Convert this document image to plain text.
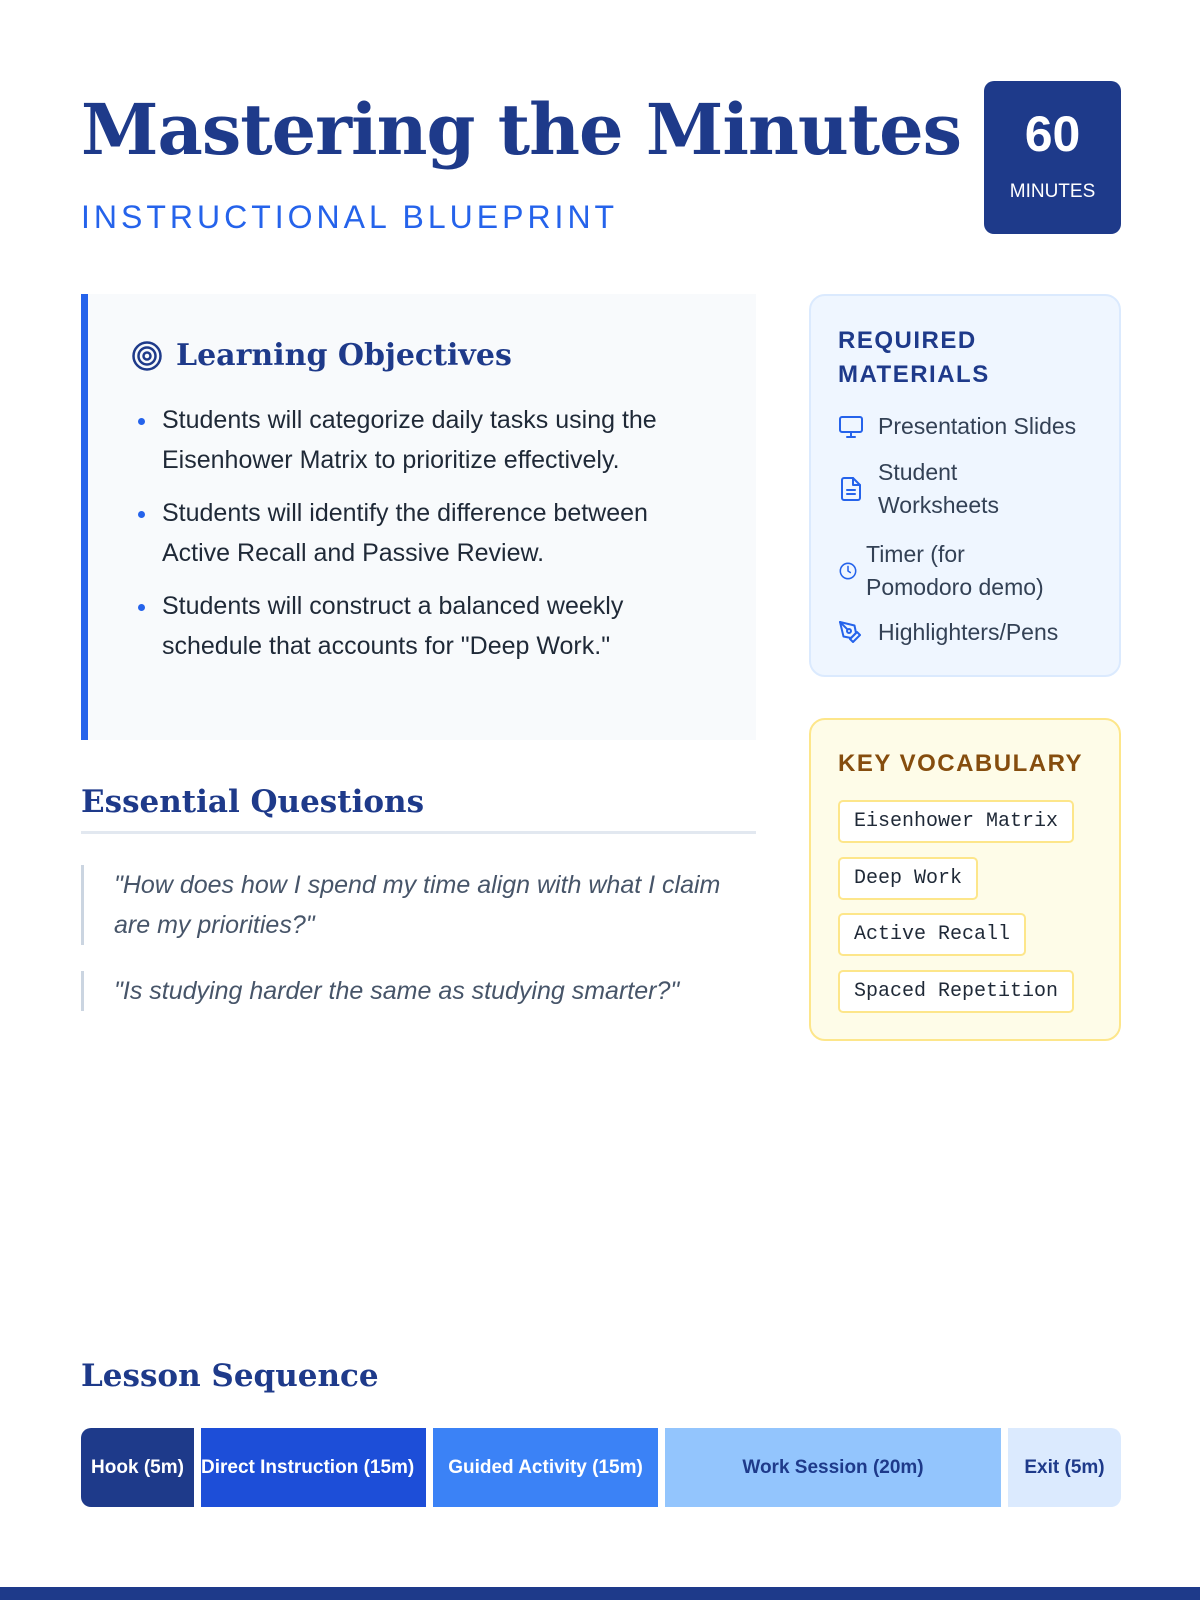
Mastering the Minutes
INSTRUCTIONAL BLUEPRINT
60
MINUTES
Learning Objectives
Students will categorize daily tasks using the Eisenhower Matrix to prioritize effectively.
Students will identify the difference between Active Recall and Passive Review.
Students will construct a balanced weekly schedule that accounts for "Deep Work."
Essential Questions
"How does how I spend my time align with what I claim are my priorities?"
"Is studying harder the same as studying smarter?"
REQUIRED MATERIALS
Presentation Slides
Student Worksheets
Timer (for Pomodoro demo)
Highlighters/Pens
KEY VOCABULARY
Eisenhower Matrix
Deep Work
Active Recall
Spaced Repetition
Lesson Sequence
Hook (5m) Direct Instruction (15m)	Guided Activity (15m)	Work Session (20m)	Exit (5m)
